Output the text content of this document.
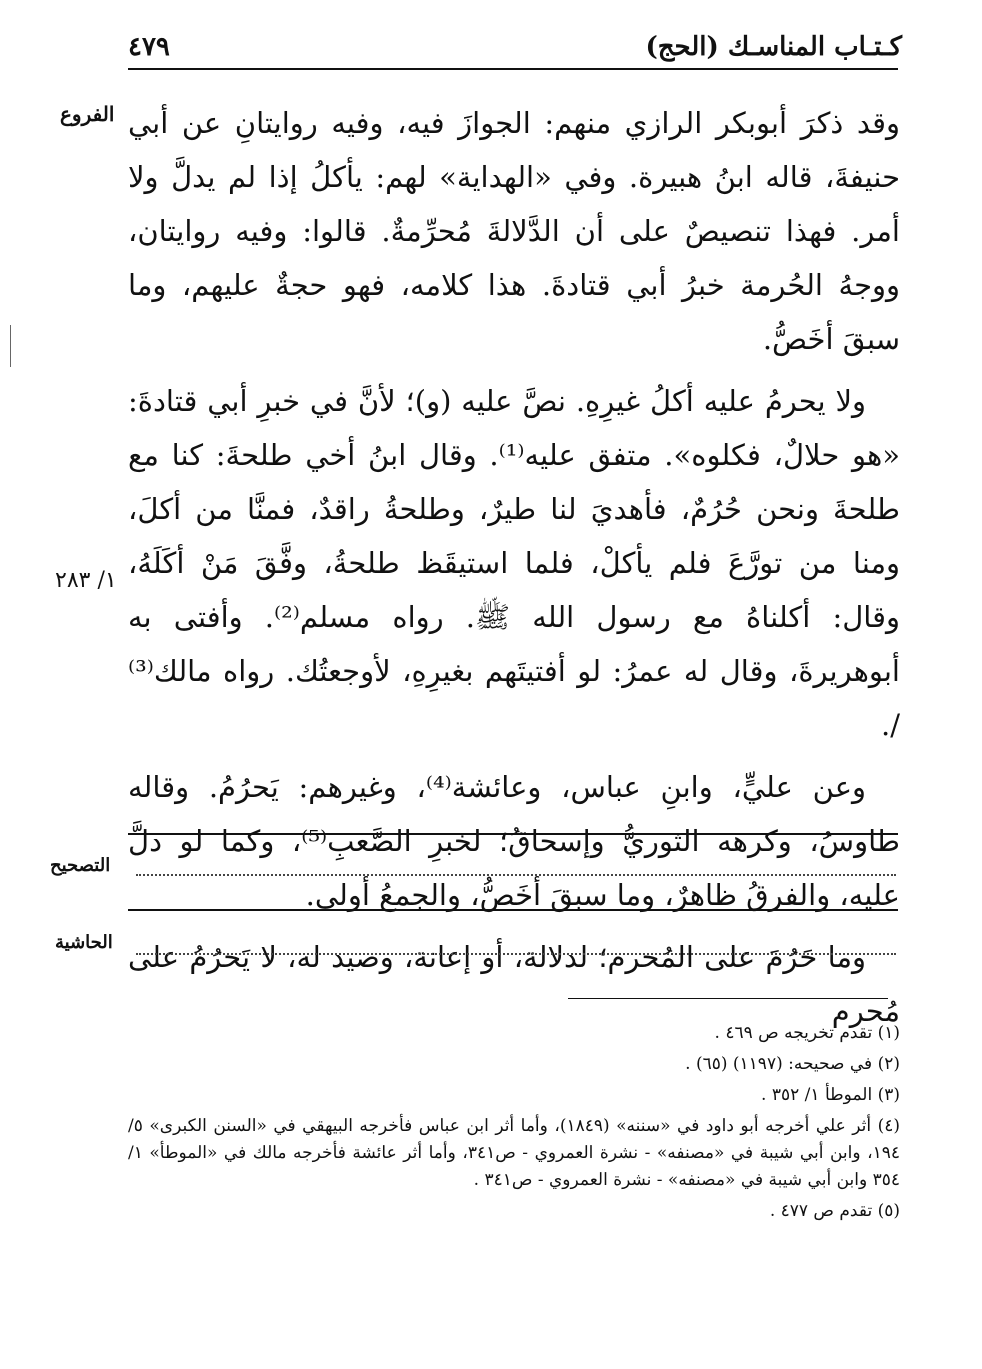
كـتـاب المناسـك (الحج)
٤٧٩
الفروع
١/ ٢٨٣

وقد ذكرَ أبوبكر الرازي منهم: الجوازَ فيه، وفيه روايتانِ عن أبي حنيفةَ، قاله ابنُ هبيرة. وفي «الهداية» لهم: يأكلُ إذا لم يدلَّ ولا أمر. فهذا تنصيصٌ على أن الدَّلالةَ مُحرِّمةٌ. قالوا: وفيه روايتان، ووجهُ الحُرمة خبرُ أبي قتادةَ. هذا كلامه، فهو حجةٌ عليهم، وما سبقَ أخَصُّ.

ولا يحرمُ عليه أكلُ غيرِهِ. نصَّ عليه (و)؛ لأنَّ في خبرِ أبي قتادةَ: «هو حلالٌ، فكلوه». متفق عليه⁽¹⁾. وقال ابنُ أخي طلحةَ: كنا مع طلحةَ ونحن حُرُمٌ، فأهديَ لنا طيرٌ، وطلحةُ راقدٌ، فمنَّا من أكلَ، ومنا من تورَّعَ فلم يأكلْ، فلما استيقَظ طلحةُ، وفَّقَ مَنْ أكَلَهُ، وقال: أكلناهُ مع رسول الله ﷺ. رواه مسلم⁽²⁾. وأفتى به أبوهريرةَ، وقال له عمرُ: لو أفتيتَهم بغيرِهِ، لأوجعتُك. رواه مالك⁽³⁾ /.

وعن عليٍّ، وابنِ عباس، وعائشة⁽⁴⁾، وغيرهم: يَحرُمُ. وقاله طاوسُ، وكرهه الثوريُّ وإسحاقُ؛ لخبرِ الصَّعبِ⁽⁵⁾، وكما لو دلَّ عليه، والفرقُ ظاهرٌ، وما سبقَ أخَصُّ، والجمعُ أولى.

وما حَرُمَ على المُحرم؛ لدلالة، أو إعانة، وصيد له، لا يَحرُمُ على مُحرم

التصحيح
الحاشية

(١) تقدم تخريجه ص ٤٦٩ .

(٢) في صحيحه: (١١٩٧) (٦٥) .

(٣) الموطأ ١/ ٣٥٢ .

(٤) أثر علي أخرجه أبو داود في «سننه» (١٨٤٩)، وأما أثر ابن عباس فأخرجه البيهقي في «السنن الكبرى» ٥/ ١٩٤، وابن أبي شيبة في «مصنفه» - نشرة العمروي - ص٣٤١، وأما أثر عائشة فأخرجه مالك في «الموطأ» ١/ ٣٥٤ وابن أبي شيبة في «مصنفه» - نشرة العمروي - ص٣٤١ .

(٥) تقدم ص ٤٧٧ .
